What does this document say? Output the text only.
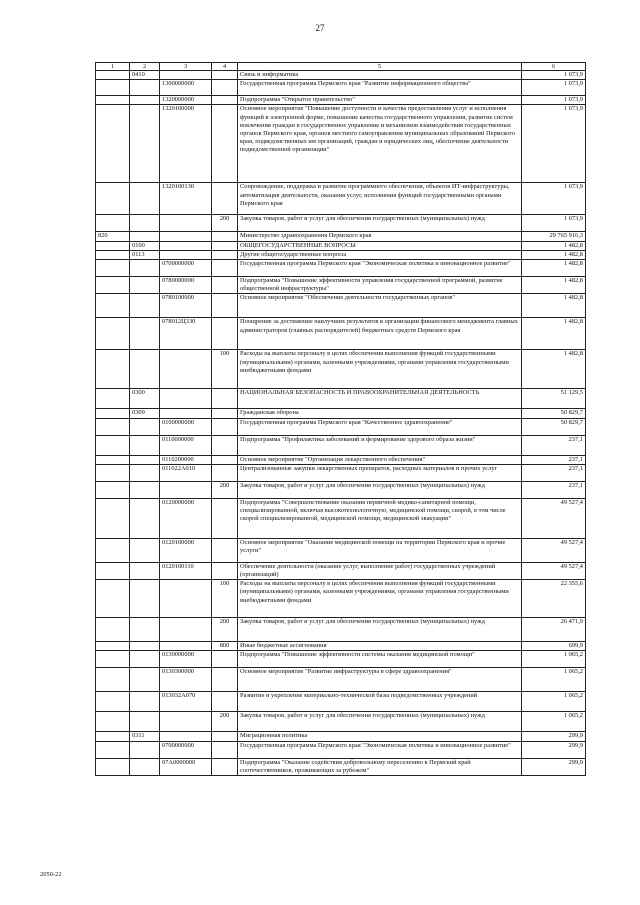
27
1	2	3	4	5	6
	0410			Связь и информатика	1 073,9
		1300000000		Государственная программа Пермского края "Развитие информационного общества"	1 073,9
		1320000000		Подпрограмма "Открытое правительство"	1 073,9
		1320100000		Основное мероприятие "Повышение доступности и качества предоставления услуг и исполнения функций в электронной форме, повышение качества государственного управления, развитие систем вовлечения граждан в государственное управление и механизмов взаимодействия государственных органов Пермского края, органов местного самоуправления муниципальных образований Пермского края, подведомственных им организаций, граждан и юридических лиц, обеспечение деятельности подведомственной организации"	1 073,9
		1320100130		Сопровождение, поддержка и развитие программного обеспечения, объектов ИТ-инфраструктуры, автоматизация деятельности, оказания услуг, исполнения функций государственными органами Пермского края	1 073,9
			200	Закупка товаров, работ и услуг для обеспечения государственных (муниципальных) нужд	1 073,9
820				Министерство здравоохранения Пермского края	29 765 916,3
	0100			ОБЩЕГОСУДАРСТВЕННЫЕ ВОПРОСЫ	1 482,8
	0113			Другие общегосударственные вопросы	1 482,8
		0700000000		Государственная программа Пермского края "Экономическая политика и инновационное развитие"	1 482,8
		0780000000		Подпрограмма "Повышение эффективности управления государственной программой, развитие общественной инфраструктуры"	1 482,8
		0780100000		Основное мероприятие "Обеспечение деятельности государственных органов"	1 482,8
		078012Ц330		Поощрение за достижение наилучших результатов в организации финансового менеджмента главных администраторов (главных распорядителей) бюджетных средств Пермского края	1 482,8
			100	Расходы на выплаты персоналу в целях обеспечения выполнения функций государственными (муниципальными) органами, казенными учреждениями, органами управления государственными внебюджетными фондами	1 482,8
	0300			НАЦИОНАЛЬНАЯ БЕЗОПАСНОСТЬ И ПРАВООХРАНИТЕЛЬНАЯ ДЕЯТЕЛЬНОСТЬ	51 129,5
	0309			Гражданская оборона	50 829,7
		0100000000		Государственная программа Пермского края "Качественное здравоохранение"	50 829,7
		0110000000		Подпрограмма "Профилактика заболеваний и формирование здорового образа жизни"	237,1
		0110200000		Основное мероприятие "Организация лекарственного обеспечения"	237,1
		011022А010		Централизованные закупки лекарственных препаратов, расходных материалов и прочих услуг	237,1
			200	Закупка товаров, работ и услуг для обеспечения государственных (муниципальных) нужд	237,1
		0120000000		Подпрограмма "Совершенствование оказания первичной медико-санитарной помощи, специализированной, включая высокотехнологичную, медицинской помощи, скорой, в том числе скорой специализированной, медицинской помощи, медицинской эвакуации"	49 527,4
		0120100000		Основное мероприятие "Оказание медицинской помощи на территории Пермского края и прочие услуги"	49 527,4
		0120100110		Обеспечение деятельности (оказание услуг, выполнение работ) государственных учреждений (организаций)	49 527,4
			100	Расходы на выплаты персоналу в целях обеспечения выполнения функций государственными (муниципальными) органами, казенными учреждениями, органами управления государственными внебюджетными фондами	22 355,6
			200	Закупка товаров, работ и услуг для обеспечения государственных (муниципальных) нужд	26 471,9
			800	Иные бюджетные ассигнования	699,9
		0130000000		Подпрограмма "Повышение эффективности системы оказания медицинской помощи"	1 065,2
		0130300000		Основное мероприятие "Развитие инфраструктуры в сфере здравоохранения"	1 065,2
		013032А070		Развитие и укрепление материально-технической базы подведомственных учреждений	1 065,2
			200	Закупка товаров, работ и услуг для обеспечения государственных (муниципальных) нужд	1 065,2
	0311			Миграционная политика	299,9
		0700000000		Государственная программа Пермского края "Экономическая политика и инновационное развитие"	299,9
		07А0000000		Подпрограмма "Оказание содействия добровольному переселению в Пермский край соотечественников, проживающих за рубежом"	299,9
2050-22
